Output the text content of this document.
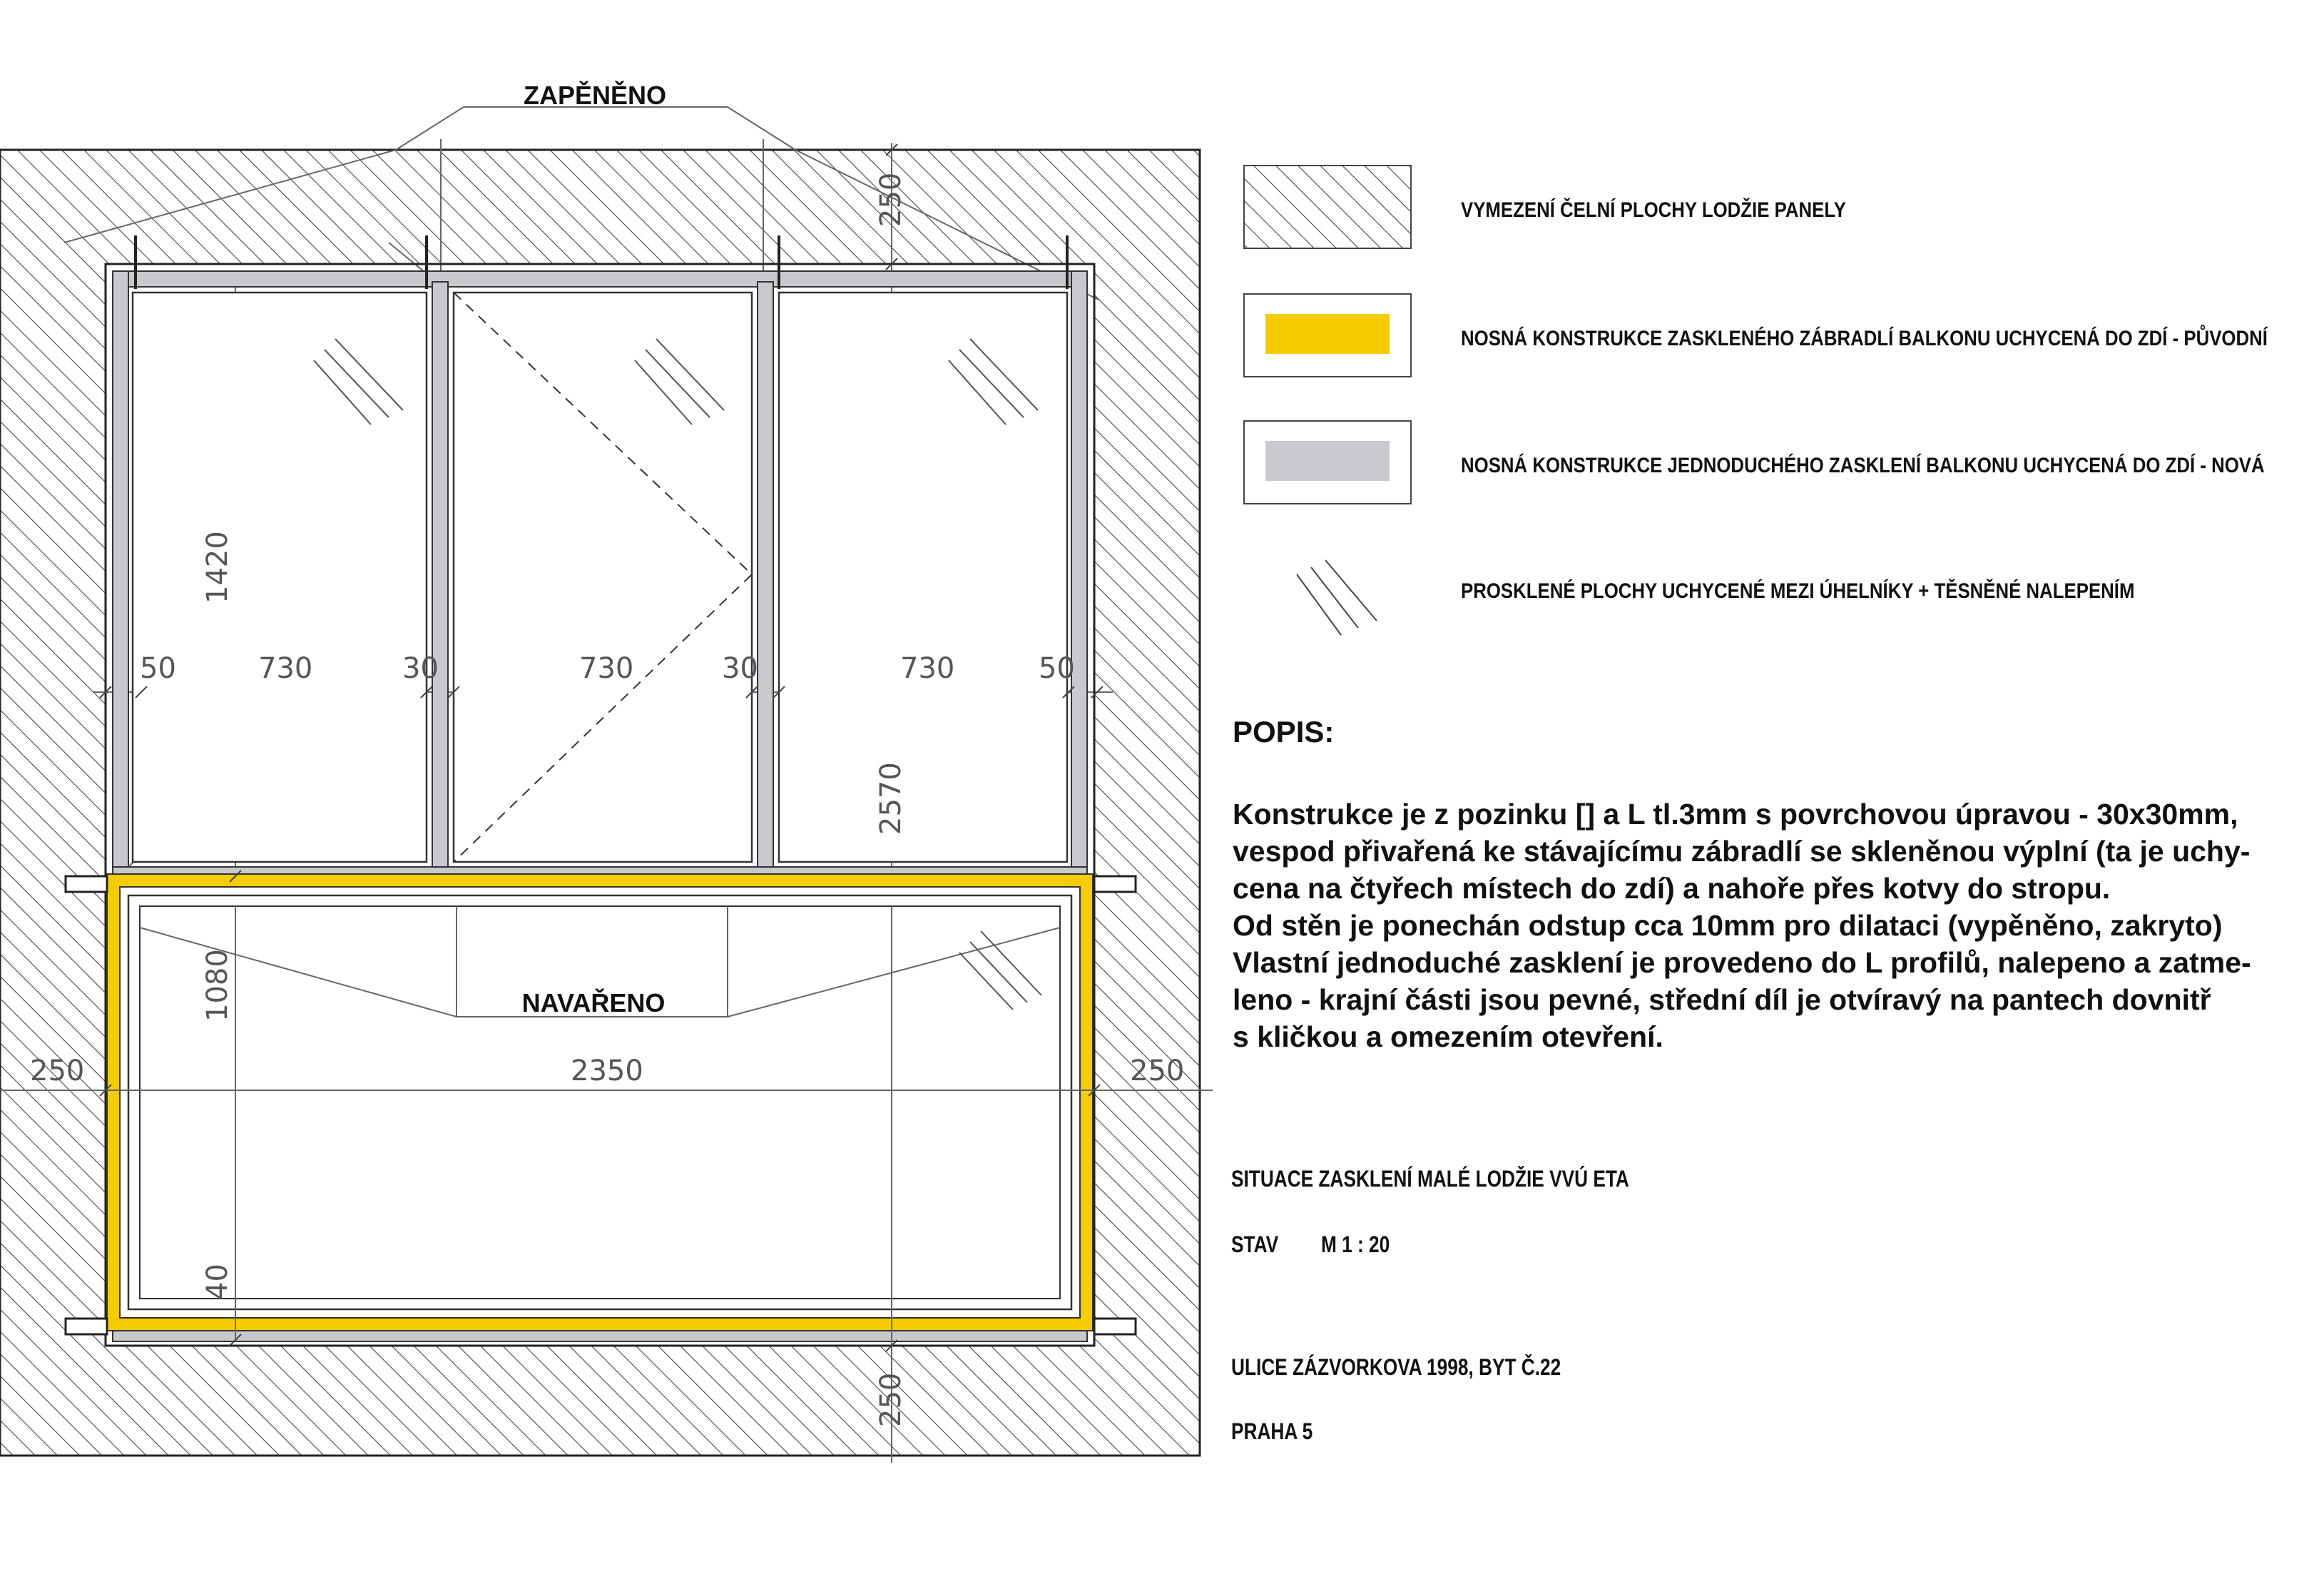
250
50	730	30	730	30	730	50
1420
2570
1080
40
2350
250	250
250
ZAPĚNĚNO
NAVAŘENO
VYMEZENÍ ČELNÍ PLOCHY LODŽIE PANELY
NOSNÁ KONSTRUKCE ZASKLENÉHO ZÁBRADLÍ BALKONU UCHYCENÁ DO ZDÍ - PŮVODNÍ
NOSNÁ KONSTRUKCE JEDNODUCHÉHO ZASKLENÍ BALKONU UCHYCENÁ DO ZDÍ - NOVÁ
PROSKLENÉ PLOCHY UCHYCENÉ MEZI ÚHELNÍKY + TĚSNĚNÉ NALEPENÍM
POPIS:
Konstrukce je z pozinku [] a L tl.3mm s povrchovou úpravou - 30x30mm,
vespod přivařená ke stávajícímu zábradlí se skleněnou výplní (ta je uchy-
cena na čtyřech místech do zdí) a nahoře přes kotvy do stropu.
Od stěn je ponechán odstup cca 10mm pro dilataci (vypěněno, zakryto)
Vlastní jednoduché zasklení je provedeno do L profilů, nalepeno a zatme-
leno - krajní části jsou pevné, střední díl je otvíravý na pantech dovnitř
s kličkou a omezením otevření.
SITUACE ZASKLENÍ MALÉ LODŽIE VVÚ ETA
STAV M 1 : 20
ULICE ZÁZVORKOVA 1998, BYT Č.22
PRAHA 5
